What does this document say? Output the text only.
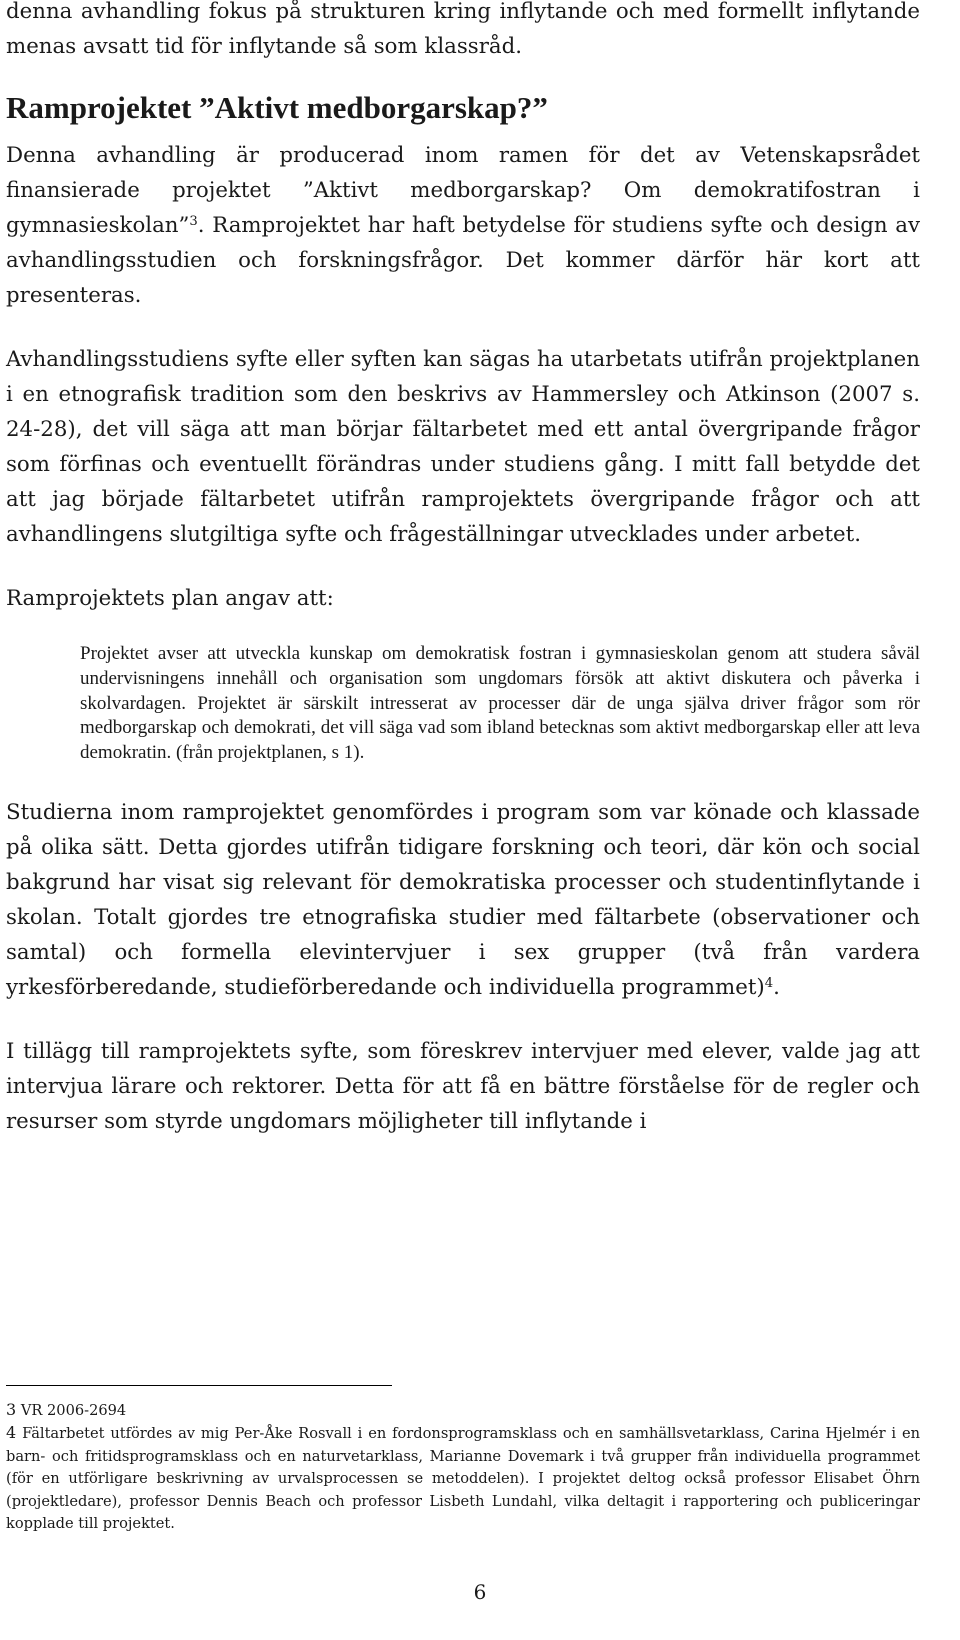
denna avhandling fokus på strukturen kring inflytande och med formellt inflytande menas avsatt tid för inflytande så som klassråd.

Ramprojektet ”Aktivt medborgarskap?”

Denna avhandling är producerad inom ramen för det av Vetenskapsrådet finansierade projektet ”Aktivt medborgarskap? Om demokratifostran i gymnasieskolan”$^3$. Ramprojektet har haft betydelse för studiens syfte och design av avhandlingsstudien och forskningsfrågor. Det kommer därför här kort att presenteras.

Avhandlingsstudiens syfte eller syften kan sägas ha utarbetats utifrån projektplanen i en etnografisk tradition som den beskrivs av Hammersley och Atkinson (2007 s. 24-28), det vill säga att man börjar fältarbetet med ett antal övergripande frågor som förfinas och eventuellt förändras under studiens gång. I mitt fall betydde det att jag började fältarbetet utifrån ramprojektets övergripande frågor och att avhandlingens slutgiltiga syfte och frågeställningar utvecklades under arbetet.

Ramprojektets plan angav att:

Projektet avser att utveckla kunskap om demokratisk fostran i gymnasieskolan genom att studera såväl undervisningens innehåll och organisation som ungdomars försök att aktivt diskutera och påverka i skolvardagen. Projektet är särskilt intresserat av processer där de unga själva driver frågor som rör medborgarskap och demokrati, det vill säga vad som ibland betecknas som aktivt medborgarskap eller att leva demokratin. (från projektplanen, s 1).

Studierna inom ramprojektet genomfördes i program som var könade och klassade på olika sätt. Detta gjordes utifrån tidigare forskning och teori, där kön och social bakgrund har visat sig relevant för demokratiska processer och studentinflytande i skolan. Totalt gjordes tre etnografiska studier med fältarbete (observationer och samtal) och formella elevintervjuer i sex grupper (två från vardera yrkesförberedande, studieförberedande och individuella programmet)$^4$.

I tillägg till ramprojektets syfte, som föreskrev intervjuer med elever, valde jag att intervjua lärare och rektorer. Detta för att få en bättre förståelse för de regler och resurser som styrde ungdomars möjligheter till inflytande i

3 VR 2006-2694

4 Fältarbetet utfördes av mig Per-Åke Rosvall i en fordonsprogramsklass och en samhällsvetarklass, Carina Hjelmér i en barn- och fritidsprogramsklass och en naturvetarklass, Marianne Dovemark i två grupper från individuella programmet (för en utförligare beskrivning av urvalsprocessen se metoddelen). I projektet deltog också professor Elisabet Öhrn (projektledare), professor Dennis Beach och professor Lisbeth Lundahl, vilka deltagit i rapportering och publiceringar kopplade till projektet.

6
